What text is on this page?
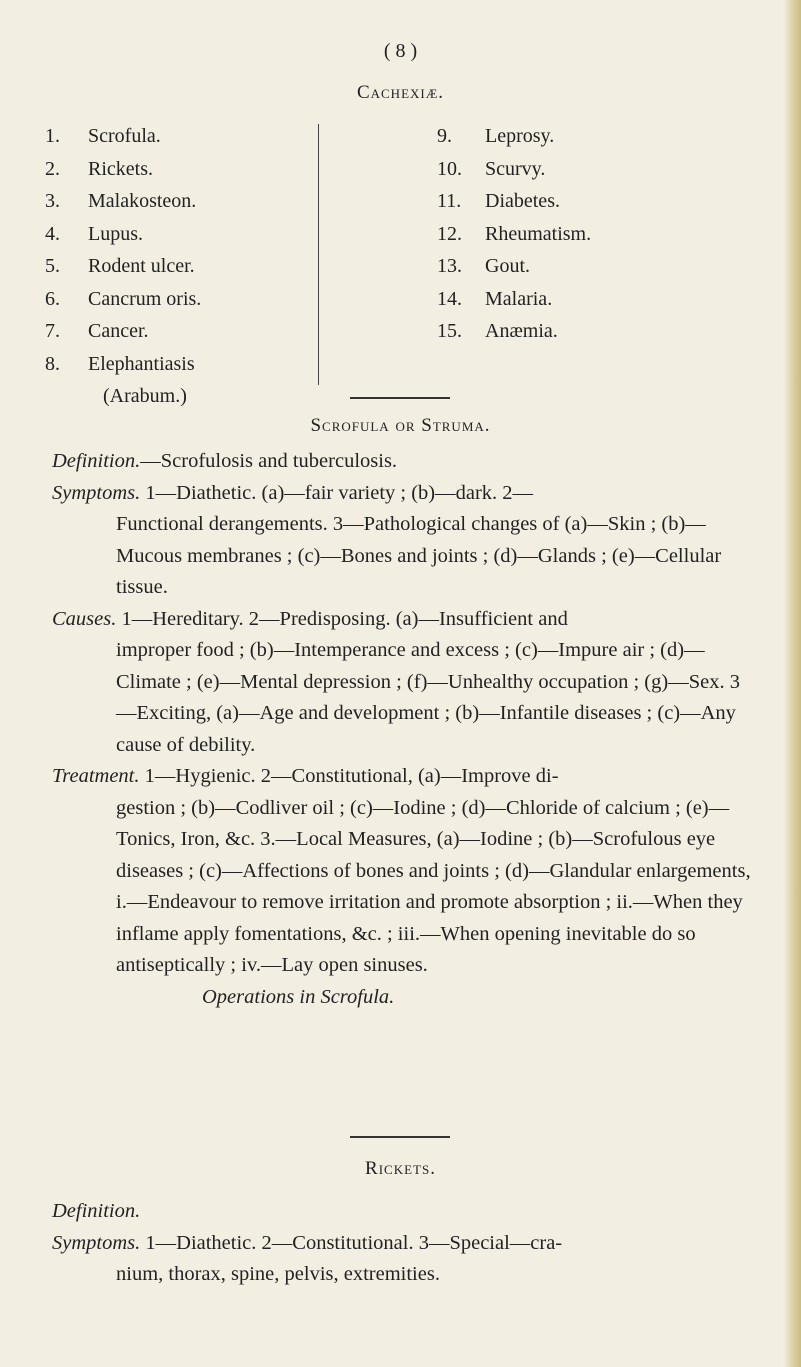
( 8 )
Cachexiæ.
1.	Scrofula.
2.	Rickets.
3.	Malakosteon.
4.	Lupus.
5.	Rodent ulcer.
6.	Cancrum oris.
7.	Cancer.
8.	Elephantiasis
(Arabum.)
9.	Leprosy.
10.	Scurvy.
11.	Diabetes.
12.	Rheumatism.
13.	Gout.
14.	Malaria.
15.	Anæmia.
Scrofula or Struma.

Definition.—Scrofulosis and tuberculosis.

Symptoms. 1—Diathetic. (a)—fair variety ; (b)—dark. 2—
Functional derangements. 3—Pathological changes of (a)—Skin ; (b)—Mucous membranes ; (c)—Bones and joints ; (d)—Glands ; (e)—Cellular tissue.

Causes. 1—Hereditary. 2—Predisposing. (a)—Insufficient and
improper food ; (b)—Intemperance and excess ; (c)—Impure air ; (d)—Climate ; (e)—Mental depression ; (f)—Unhealthy occupation ; (g)—Sex. 3—Exciting, (a)—Age and development ; (b)—Infantile diseases ; (c)—Any cause of debility.

Treatment. 1—Hygienic. 2—Constitutional, (a)—Improve di-
gestion ; (b)—Codliver oil ; (c)—Iodine ; (d)—Chloride of calcium ; (e)—Tonics, Iron, &c. 3.—Local Measures, (a)—Iodine ; (b)—Scrofulous eye diseases ; (c)—Affections of bones and joints ; (d)—Glandular enlargements, i.—Endeavour to remove irritation and promote absorption ; ii.—When they inflame apply fomentations, &c. ; iii.—When opening inevitable do so antiseptically ; iv.—Lay open sinuses.

Operations in Scrofula.

Rickets.

Definition.

Symptoms. 1—Diathetic. 2—Constitutional. 3—Special—cra-
nium, thorax, spine, pelvis, extremities.
